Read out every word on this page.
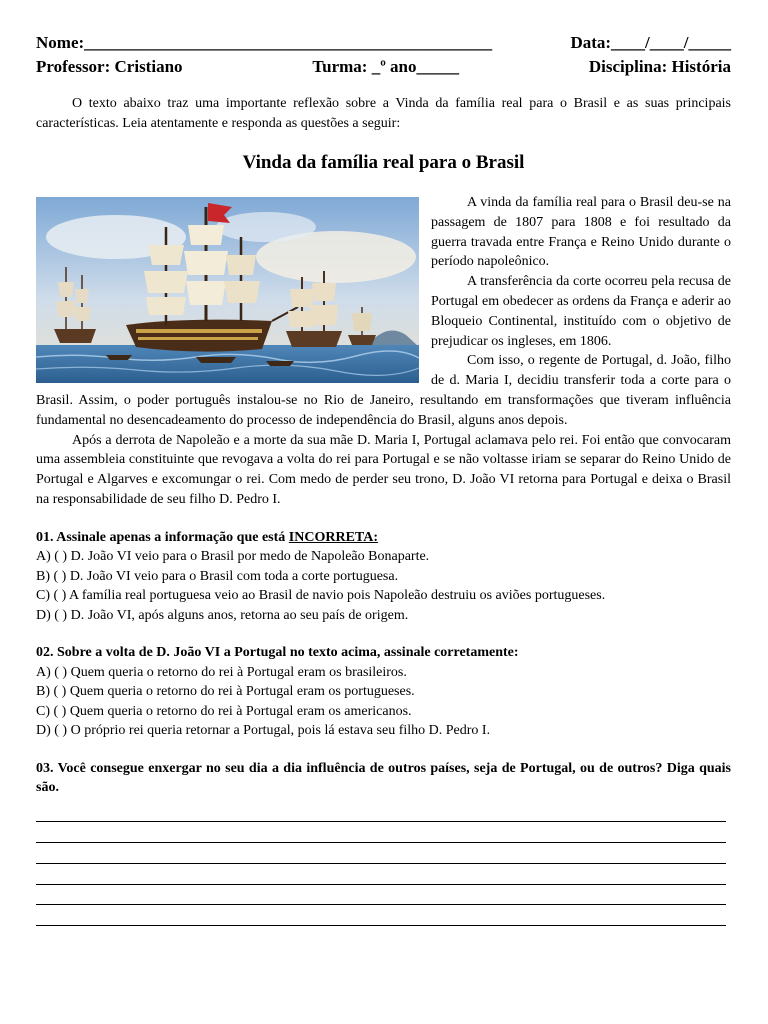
Nome:________________________________________________	Data:____/____/_____
Professor: Cristiano	Turma: _º ano_____	Disciplina: História

O texto abaixo traz uma importante reflexão sobre a Vinda da família real para o Brasil e as suas principais características. Leia atentamente e responda as questões a seguir:

Vinda da família real para o Brasil

A vinda da família real para o Brasil deu-se na passagem de 1807 para 1808 e foi resultado da guerra travada entre França e Reino Unido durante o período napoleônico.

A transferência da corte ocorreu pela recusa de Portugal em obedecer as ordens da França e aderir ao Bloqueio Continental, instituído com o objetivo de prejudicar os ingleses, em 1806.

Com isso, o regente de Portugal, d. João, filho de d. Maria I, decidiu transferir toda a corte para o Brasil. Assim, o poder português instalou-se no Rio de Janeiro, resultando em transformações que tiveram influência fundamental no desencadeamento do processo de independência do Brasil, alguns anos depois.

Após a derrota de Napoleão e a morte da sua mãe D. Maria I, Portugal aclamava pelo rei. Foi então que convocaram uma assembleia constituinte que revogava a volta do rei para Portugal e se não voltasse iriam se separar do Reino Unido de Portugal e Algarves e excomungar o rei. Com medo de perder seu trono, D. João VI retorna para Portugal e deixa o Brasil na responsabilidade de seu filho D. Pedro I.

01. Assinale apenas a informação que está INCORRETA:
A) ( ) D. João VI veio para o Brasil por medo de Napoleão Bonaparte.
B) ( ) D. João VI veio para o Brasil com toda a corte portuguesa.
C) ( ) A família real portuguesa veio ao Brasil de navio pois Napoleão destruiu os aviões portugueses.
D) ( ) D. João VI, após alguns anos, retorna ao seu país de origem.
02. Sobre a volta de D. João VI a Portugal no texto acima, assinale corretamente:
A) ( ) Quem queria o retorno do rei à Portugal eram os brasileiros.
B) ( ) Quem queria o retorno do rei à Portugal eram os portugueses.
C) ( ) Quem queria o retorno do rei à Portugal eram os americanos.
D) ( ) O próprio rei queria retornar a Portugal, pois lá estava seu filho D. Pedro I.
03. Você consegue enxergar no seu dia a dia influência de outros países, seja de Portugal, ou de outros? Diga quais são.
